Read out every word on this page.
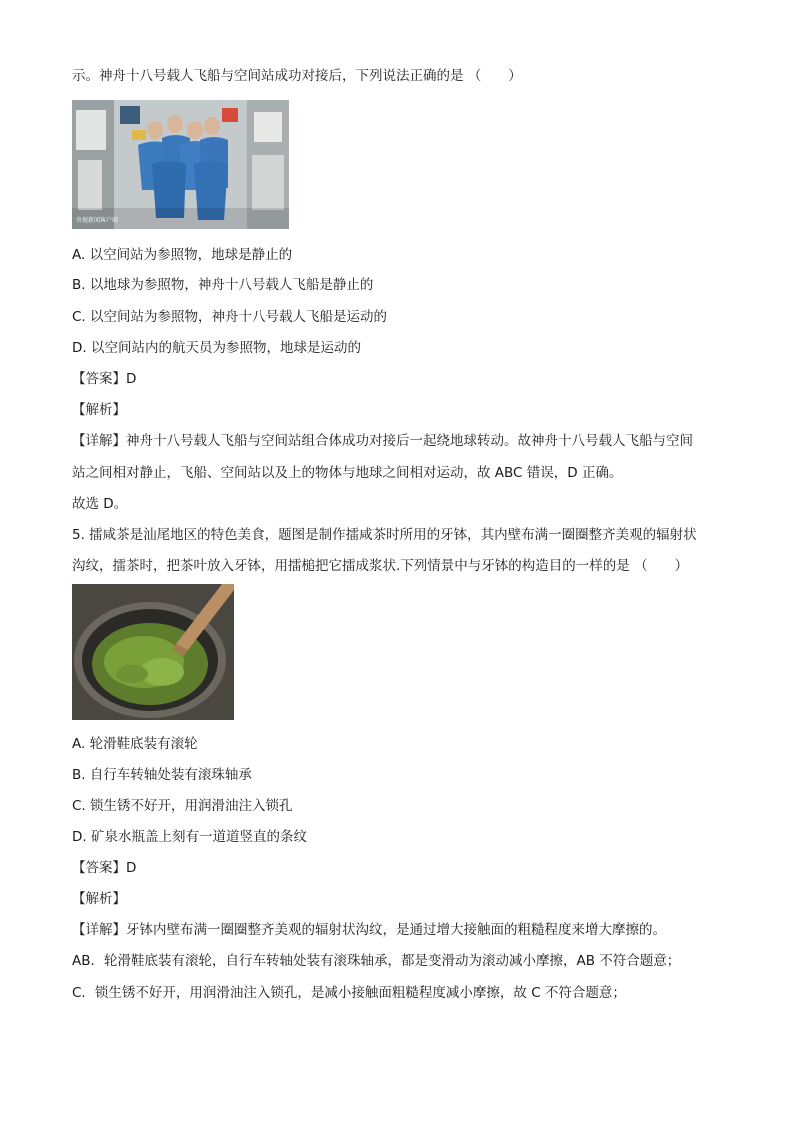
示。神舟十八号载人飞船与空间站成功对接后，下列说法正确的是 （　　）
央视新闻客户端
A. 以空间站为参照物，地球是静止的
B. 以地球为参照物，神舟十八号载人飞船是静止的
C. 以空间站为参照物，神舟十八号载人飞船是运动的
D. 以空间站内的航天员为参照物，地球是运动的
【答案】D
【解析】
【详解】神舟十八号载人飞船与空间站组合体成功对接后一起绕地球转动。故神舟十八号载人飞船与空间
站之间相对静止，飞船、空间站以及上的物体与地球之间相对运动，故 ABC 错误，D 正确。
故选 D。
5. 擂咸茶是汕尾地区的特色美食，题图是制作擂咸茶时所用的牙钵，其内壁布满一圈圈整齐美观的辐射状
沟纹，擂茶时，把茶叶放入牙钵，用擂槌把它擂成浆状.下列情景中与牙钵的构造目的一样的是 （　　）
A. 轮滑鞋底装有滚轮
B. 自行车转轴处装有滚珠轴承
C. 锁生锈不好开，用润滑油注入锁孔
D. 矿泉水瓶盖上刻有一道道竖直的条纹
【答案】D
【解析】
【详解】牙钵内壁布满一圈圈整齐美观的辐射状沟纹，是通过增大接触面的粗糙程度来增大摩擦的。
AB．轮滑鞋底装有滚轮，自行车转轴处装有滚珠轴承，都是变滑动为滚动减小摩擦，AB 不符合题意；
C．锁生锈不好开，用润滑油注入锁孔，是减小接触面粗糙程度减小摩擦，故 C 不符合题意；
